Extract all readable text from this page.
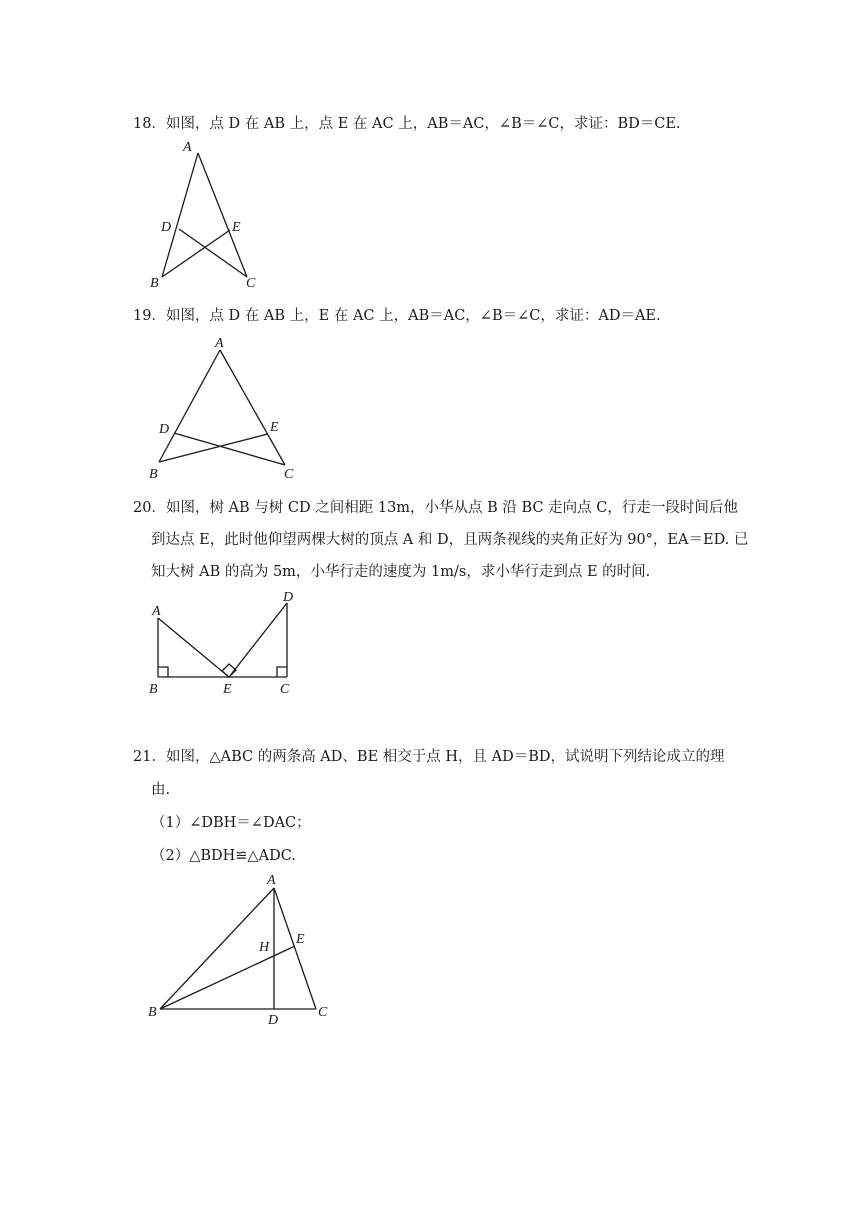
18．如图，点 D 在 AB 上，点 E 在 AC 上，AB＝AC，∠B＝∠C，求证：BD＝CE.
A
D	E
B	C
19．如图，点 D 在 AB 上，E 在 AC 上，AB＝AC，∠B＝∠C，求证：AD＝AE.
A
D	E
B	C
20．如图，树 AB 与树 CD 之间相距 13m，小华从点 B 沿 BC 走向点 C，行走一段时间后他
到达点 E，此时他仰望两棵大树的顶点 A 和 D，且两条视线的夹角正好为 90°，EA＝ED. 已
知大树 AB 的高为 5m，小华行走的速度为 1m/s，求小华行走到点 E 的时间.
A
D
B	E	C
21．如图，△ABC 的两条高 AD、BE 相交于点 H，且 AD＝BD，试说明下列结论成立的理
由.
（1）∠DBH＝∠DAC；
（2）△BDH≌△ADC.
A
E
H
B
D
C
